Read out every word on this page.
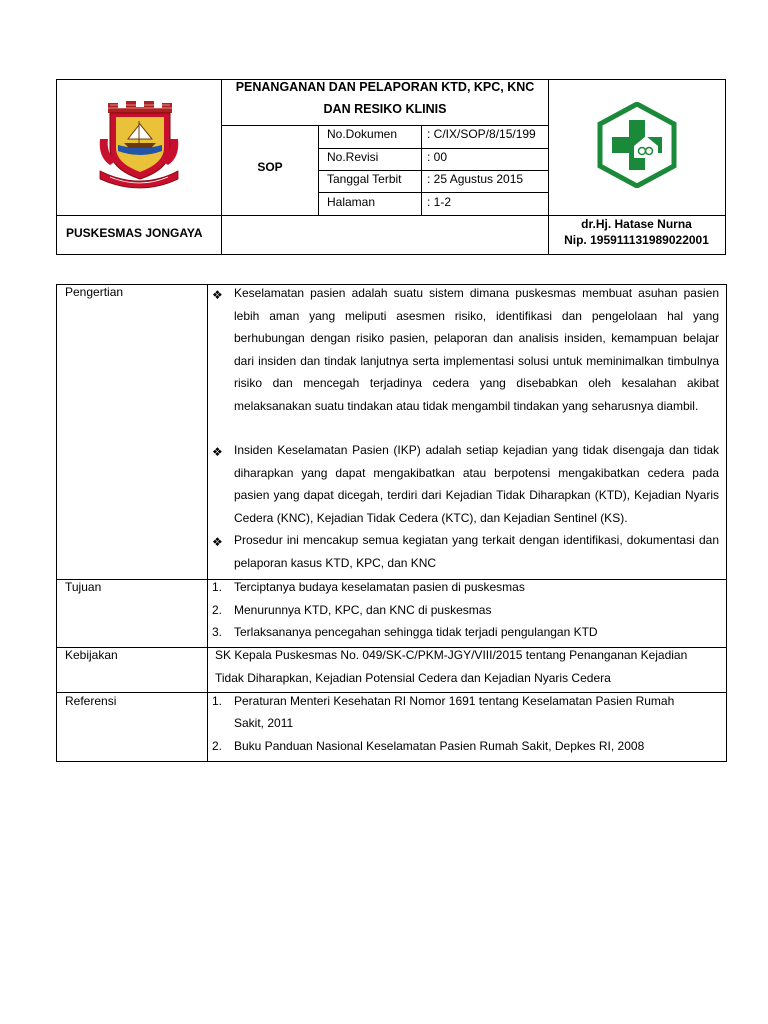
PENANGANAN DAN PELAPORAN KTD, KPC, KNC
DAN RESIKO KLINIS
SOP
No.Dokumen : C/IX/SOP/8/15/199
No.Revisi	: 00
Tanggal Terbit : 25 Agustus 2015
Halaman	: 1-2
PUSKESMAS JONGAYA
dr.Hj. Hatase Nurna
Nip. 195911131989022001
Pengertian	❖ Keselamatan pasien adalah suatu sistem dimana puskesmas membuat asuhan pasien lebih aman yang meliputi asesmen risiko, identifikasi dan pengelolaan hal yang berhubungan dengan risiko pasien, pelaporan dan analisis insiden, kemampuan belajar dari insiden dan tindak lanjutnya serta implementasi solusi untuk meminimalkan timbulnya risiko dan mencegah terjadinya cedera yang disebabkan oleh kesalahan akibat melaksanakan suatu tindakan atau tidak mengambil tindakan yang seharusnya diambil.

❖ Insiden Keselamatan Pasien (IKP) adalah setiap kejadian yang tidak disengaja dan tidak diharapkan yang dapat mengakibatkan atau berpotensi mengakibatkan cedera pada pasien yang dapat dicegah, terdiri dari Kejadian Tidak Diharapkan (KTD), Kejadian Nyaris Cedera (KNC), Kejadian Tidak Cedera (KTC), dan Kejadian Sentinel (KS).

❖ Prosedur ini mencakup semua kegiatan yang terkait dengan identifikasi, dokumentasi dan pelaporan kasus KTD, KPC, dan KNC

Tujuan	1. Terciptanya budaya keselamatan pasien di puskesmas
2. Menurunnya KTD, KPC, dan KNC di puskesmas
3. Terlaksananya pencegahan sehingga tidak terjadi pengulangan KTD
Kebijakan	SK Kepala Puskesmas No. 049/SK-C/PKM-JGY/VIII/2015 tentang Penanganan Kejadian
Tidak Diharapkan, Kejadian Potensial Cedera dan Kejadian Nyaris Cedera
Referensi	1. Peraturan Menteri Kesehatan RI Nomor 1691 tentang Keselamatan Pasien Rumah
Sakit, 2011
2. Buku Panduan Nasional Keselamatan Pasien Rumah Sakit, Depkes RI, 2008
